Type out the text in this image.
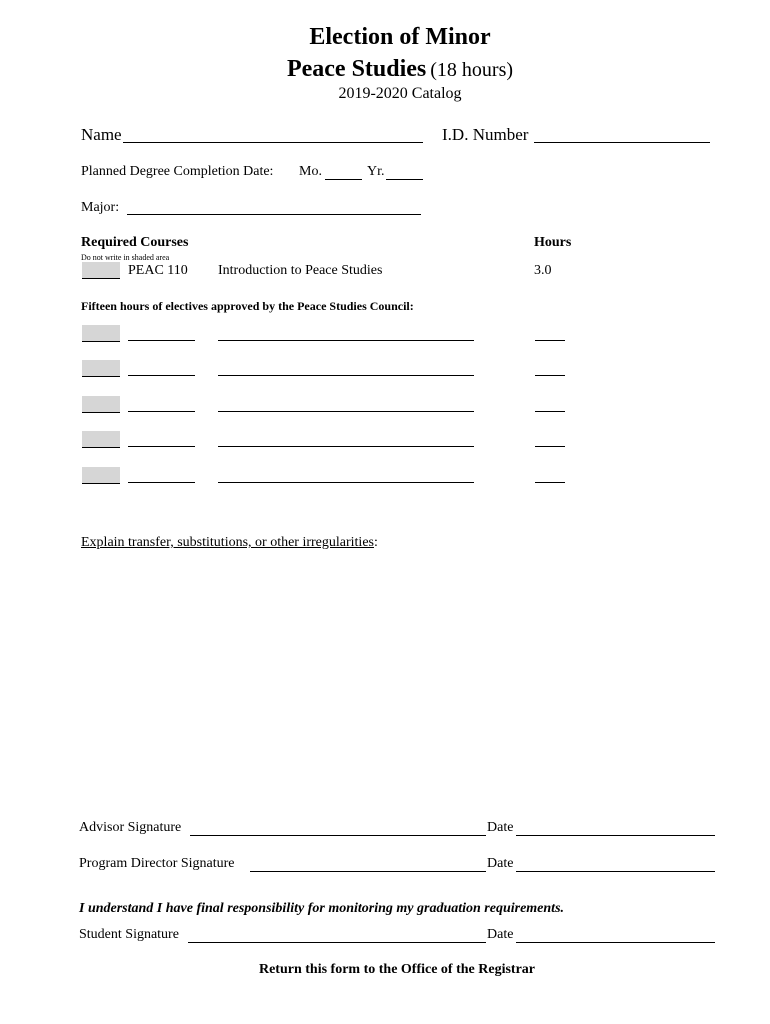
Election of Minor
Peace Studies (18 hours)
2019-2020 Catalog
Name	I.D. Number
Planned Degree Completion Date: Mo.	Yr.
Major:
Required Courses	Hours
Do not write in shaded area
PEAC 110 Introduction to Peace Studies	3.0
Fifteen hours of electives approved by the Peace Studies Council:
Explain transfer, substitutions, or other irregularities:
Advisor Signature	Date
Program Director Signature	Date
I understand I have final responsibility for monitoring my graduation requirements.
Student Signature	Date
Return this form to the Office of the Registrar
